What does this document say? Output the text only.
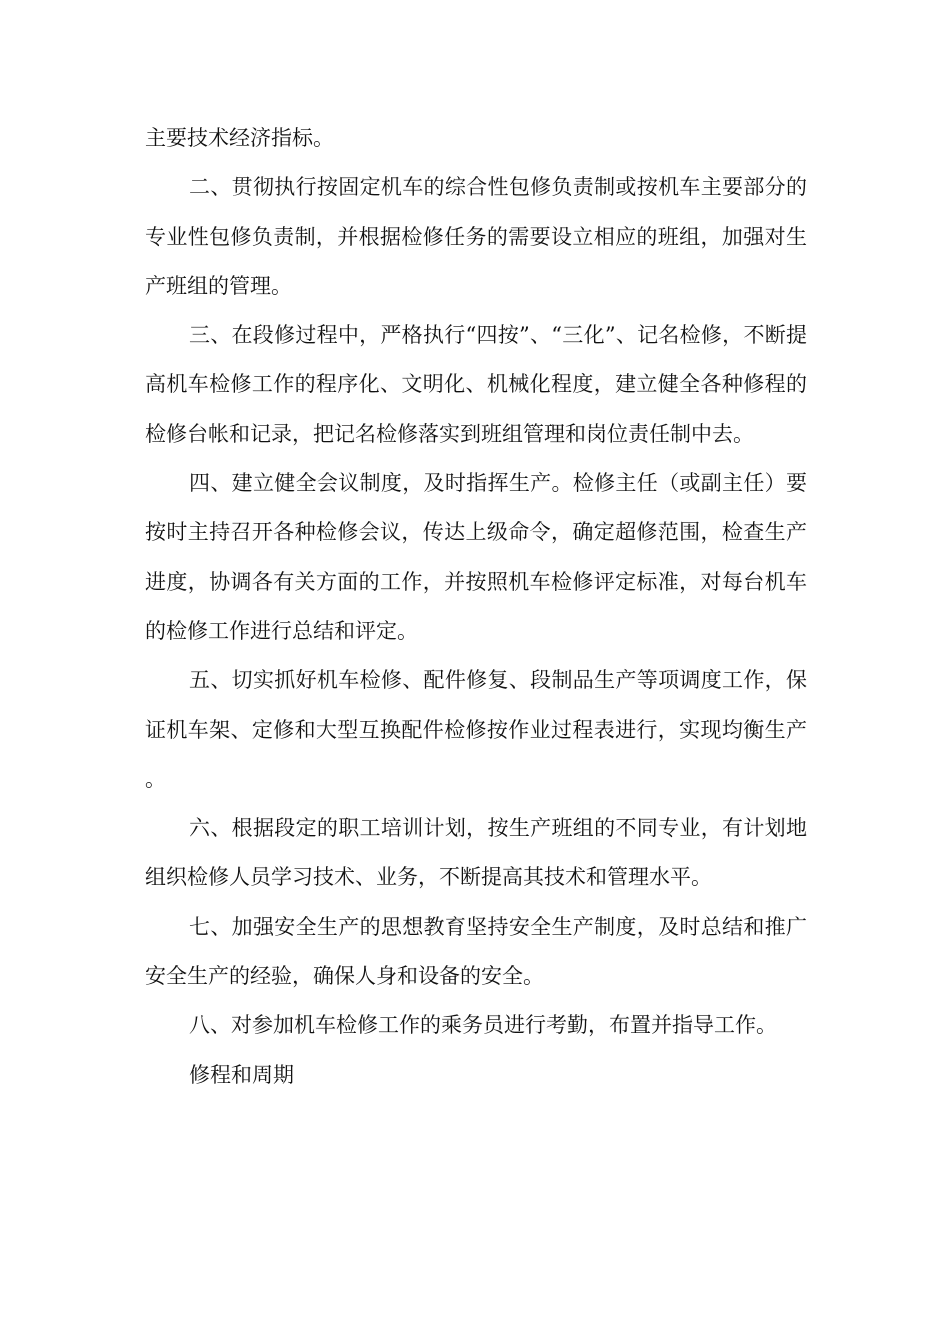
主要技术经济指标。

二、贯彻执行按固定机车的综合性包修负责制或按机车主要部分的专业性包修负责制，并根据检修任务的需要设立相应的班组，加强对生产班组的管理。

三、在段修过程中，严格执行“四按”、“三化”、记名检修，不断提高机车检修工作的程序化、文明化、机械化程度，建立健全各种修程的检修台帐和记录，把记名检修落实到班组管理和岗位责任制中去。

四、建立健全会议制度，及时指挥生产。检修主任（或副主任）要按时主持召开各种检修会议，传达上级命令，确定超修范围，检查生产进度，协调各有关方面的工作，并按照机车检修评定标准，对每台机车的检修工作进行总结和评定。

五、切实抓好机车检修、配件修复、段制品生产等项调度工作，保证机车架、定修和大型互换配件检修按作业过程表进行，实现均衡生产。

六、根据段定的职工培训计划，按生产班组的不同专业，有计划地组织检修人员学习技术、业务，不断提高其技术和管理水平。

七、加强安全生产的思想教育坚持安全生产制度，及时总结和推广安全生产的经验，确保人身和设备的安全。

八、对参加机车检修工作的乘务员进行考勤，布置并指导工作。

修程和周期
